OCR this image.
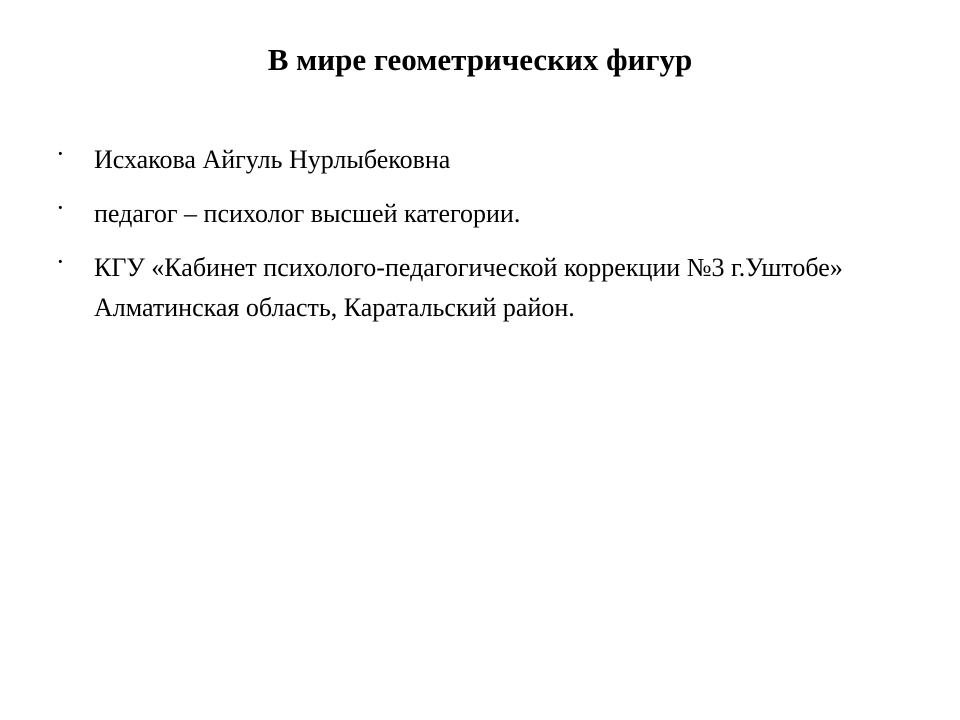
В мире геометрических фигур
·	Исхакова Айгуль Нурлыбековна
·	педагог – психолог высшей категории.
·	КГУ «Кабинет психолого-педагогической коррекции №3 г.Уштобе» Алматинская область, Каратальский район.
